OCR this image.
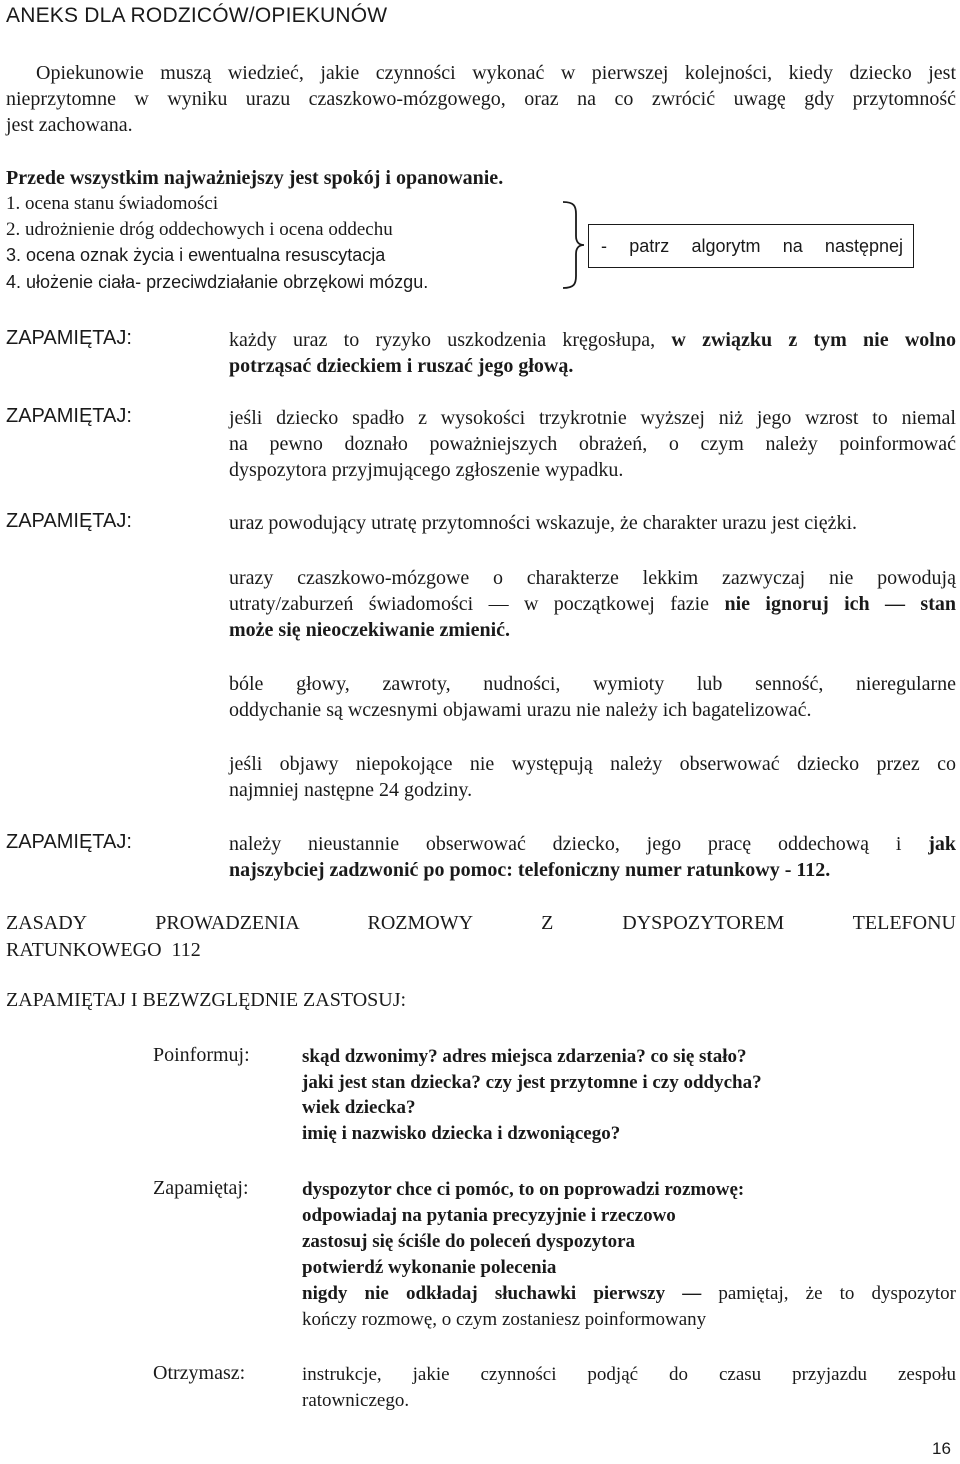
ANEKS DLA RODZICÓW/OPIEKUNÓW
Opiekunowie muszą wiedzieć, jakie czynności wykonać w pierwszej kolejności, kiedy dziecko jest
nieprzytomne w wyniku urazu czaszkowo-mózgowego, oraz na co zwrócić uwagę gdy przytomność
jest zachowana.
Przede wszystkim najważniejszy jest spokój i opanowanie.
1. ocena stanu świadomości
2. udrożnienie dróg oddechowych i ocena oddechu
3. ocena oznak życia i ewentualna resuscytacja
4. ułożenie ciała- przeciwdziałanie obrzękowi mózgu.
- patrz algorytm na następnej
ZAPAMIĘTAJ:	każdy uraz to ryzyko uszkodzenia kręgosłupa, w związku z tym nie wolno
potrząsać dzieckiem i ruszać jego głową.
ZAPAMIĘTAJ:	jeśli dziecko spadło z wysokości trzykrotnie wyższej niż jego wzrost to niemal
na pewno doznało poważniejszych obrażeń, o czym należy poinformować
dyspozytora przyjmującego zgłoszenie wypadku.
ZAPAMIĘTAJ:	uraz powodujący utratę przytomności wskazuje, że charakter urazu jest ciężki.
urazy czaszkowo-mózgowe o charakterze lekkim zazwyczaj nie powodują
utraty/zaburzeń świadomości — w początkowej fazie nie ignoruj ich — stan
może się nieoczekiwanie zmienić.
bóle głowy, zawroty, nudności, wymioty lub senność, nieregularne
oddychanie są wczesnymi objawami urazu nie należy ich bagatelizować.
jeśli objawy niepokojące nie występują należy obserwować dziecko przez co
najmniej następne 24 godziny.
ZAPAMIĘTAJ:	należy nieustannie obserwować dziecko, jego pracę oddechową i jak
najszybciej zadzwonić po pomoc: telefoniczny numer ratunkowy - 112.
ZASADY PROWADZENIA ROZMOWY Z DYSPOZYTOREM TELEFONU
RATUNKOWEGO  112
ZAPAMIĘTAJ I BEZWZGLĘDNIE ZASTOSUJ:
Poinformuj:	skąd dzwonimy? adres miejsca zdarzenia? co się stało?
jaki jest stan dziecka? czy jest przytomne i czy oddycha?
wiek dziecka?
imię i nazwisko dziecka i dzwoniącego?
Zapamiętaj:	dyspozytor chce ci pomóc, to on poprowadzi rozmowę:
odpowiadaj na pytania precyzyjnie i rzeczowo
zastosuj się ściśle do poleceń dyspozytora
potwierdź wykonanie polecenia
nigdy nie odkładaj słuchawki pierwszy — pamiętaj, że to dyspozytor
kończy rozmowę, o czym zostaniesz poinformowany
Otrzymasz:	instrukcje, jakie czynności podjąć do czasu przyjazdu zespołu
ratowniczego.
16
